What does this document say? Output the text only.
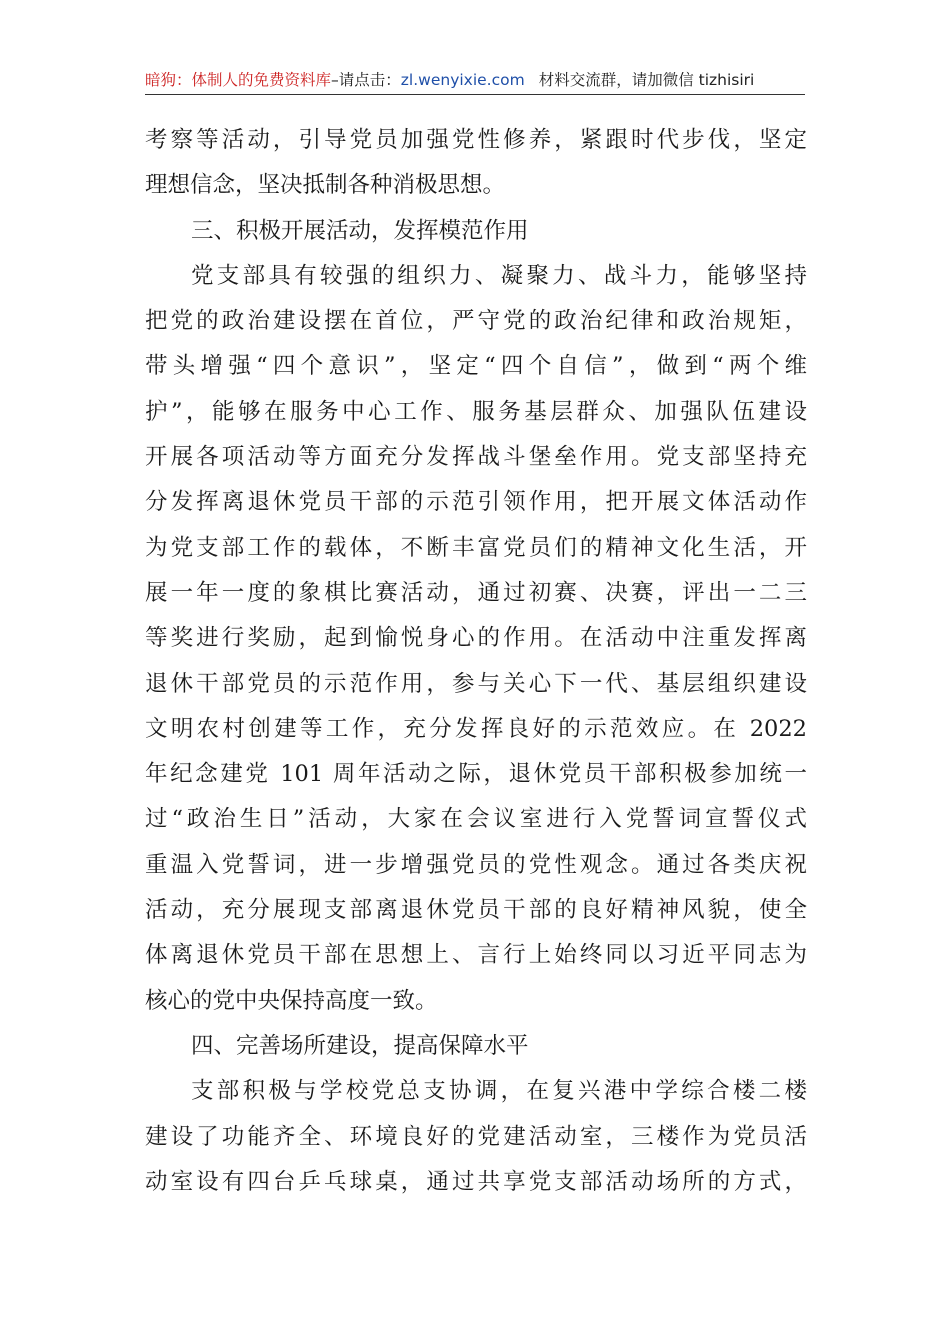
暗狗：体制人的免费资料库–请点击：zl.wenyixie.com 材料交流群，请加微信 tizhisiri
考察等活动，引导党员加强党性修养，紧跟时代步伐，坚定
理想信念，坚决抵制各种消极思想。
三、积极开展活动，发挥模范作用
党支部具有较强的组织力、凝聚力、战斗力，能够坚持
把党的政治建设摆在首位，严守党的政治纪律和政治规矩，
带头增强“四个意识”，坚定“四个自信”，做到“两个维
护”，能够在服务中心工作、服务基层群众、加强队伍建设
开展各项活动等方面充分发挥战斗堡垒作用。党支部坚持充
分发挥离退休党员干部的示范引领作用，把开展文体活动作
为党支部工作的载体，不断丰富党员们的精神文化生活，开
展一年一度的象棋比赛活动，通过初赛、决赛，评出一二三
等奖进行奖励，起到愉悦身心的作用。在活动中注重发挥离
退休干部党员的示范作用，参与关心下一代、基层组织建设
文明农村创建等工作，充分发挥良好的示范效应。在 2022
年纪念建党 101 周年活动之际，退休党员干部积极参加统一
过“政治生日”活动，大家在会议室进行入党誓词宣誓仪式
重温入党誓词，进一步增强党员的党性观念。通过各类庆祝
活动，充分展现支部离退休党员干部的良好精神风貌，使全
体离退休党员干部在思想上、言行上始终同以习近平同志为
核心的党中央保持高度一致。
四、完善场所建设，提高保障水平
支部积极与学校党总支协调，在复兴港中学综合楼二楼
建设了功能齐全、环境良好的党建活动室，三楼作为党员活
动室设有四台乒乓球桌，通过共享党支部活动场所的方式，
